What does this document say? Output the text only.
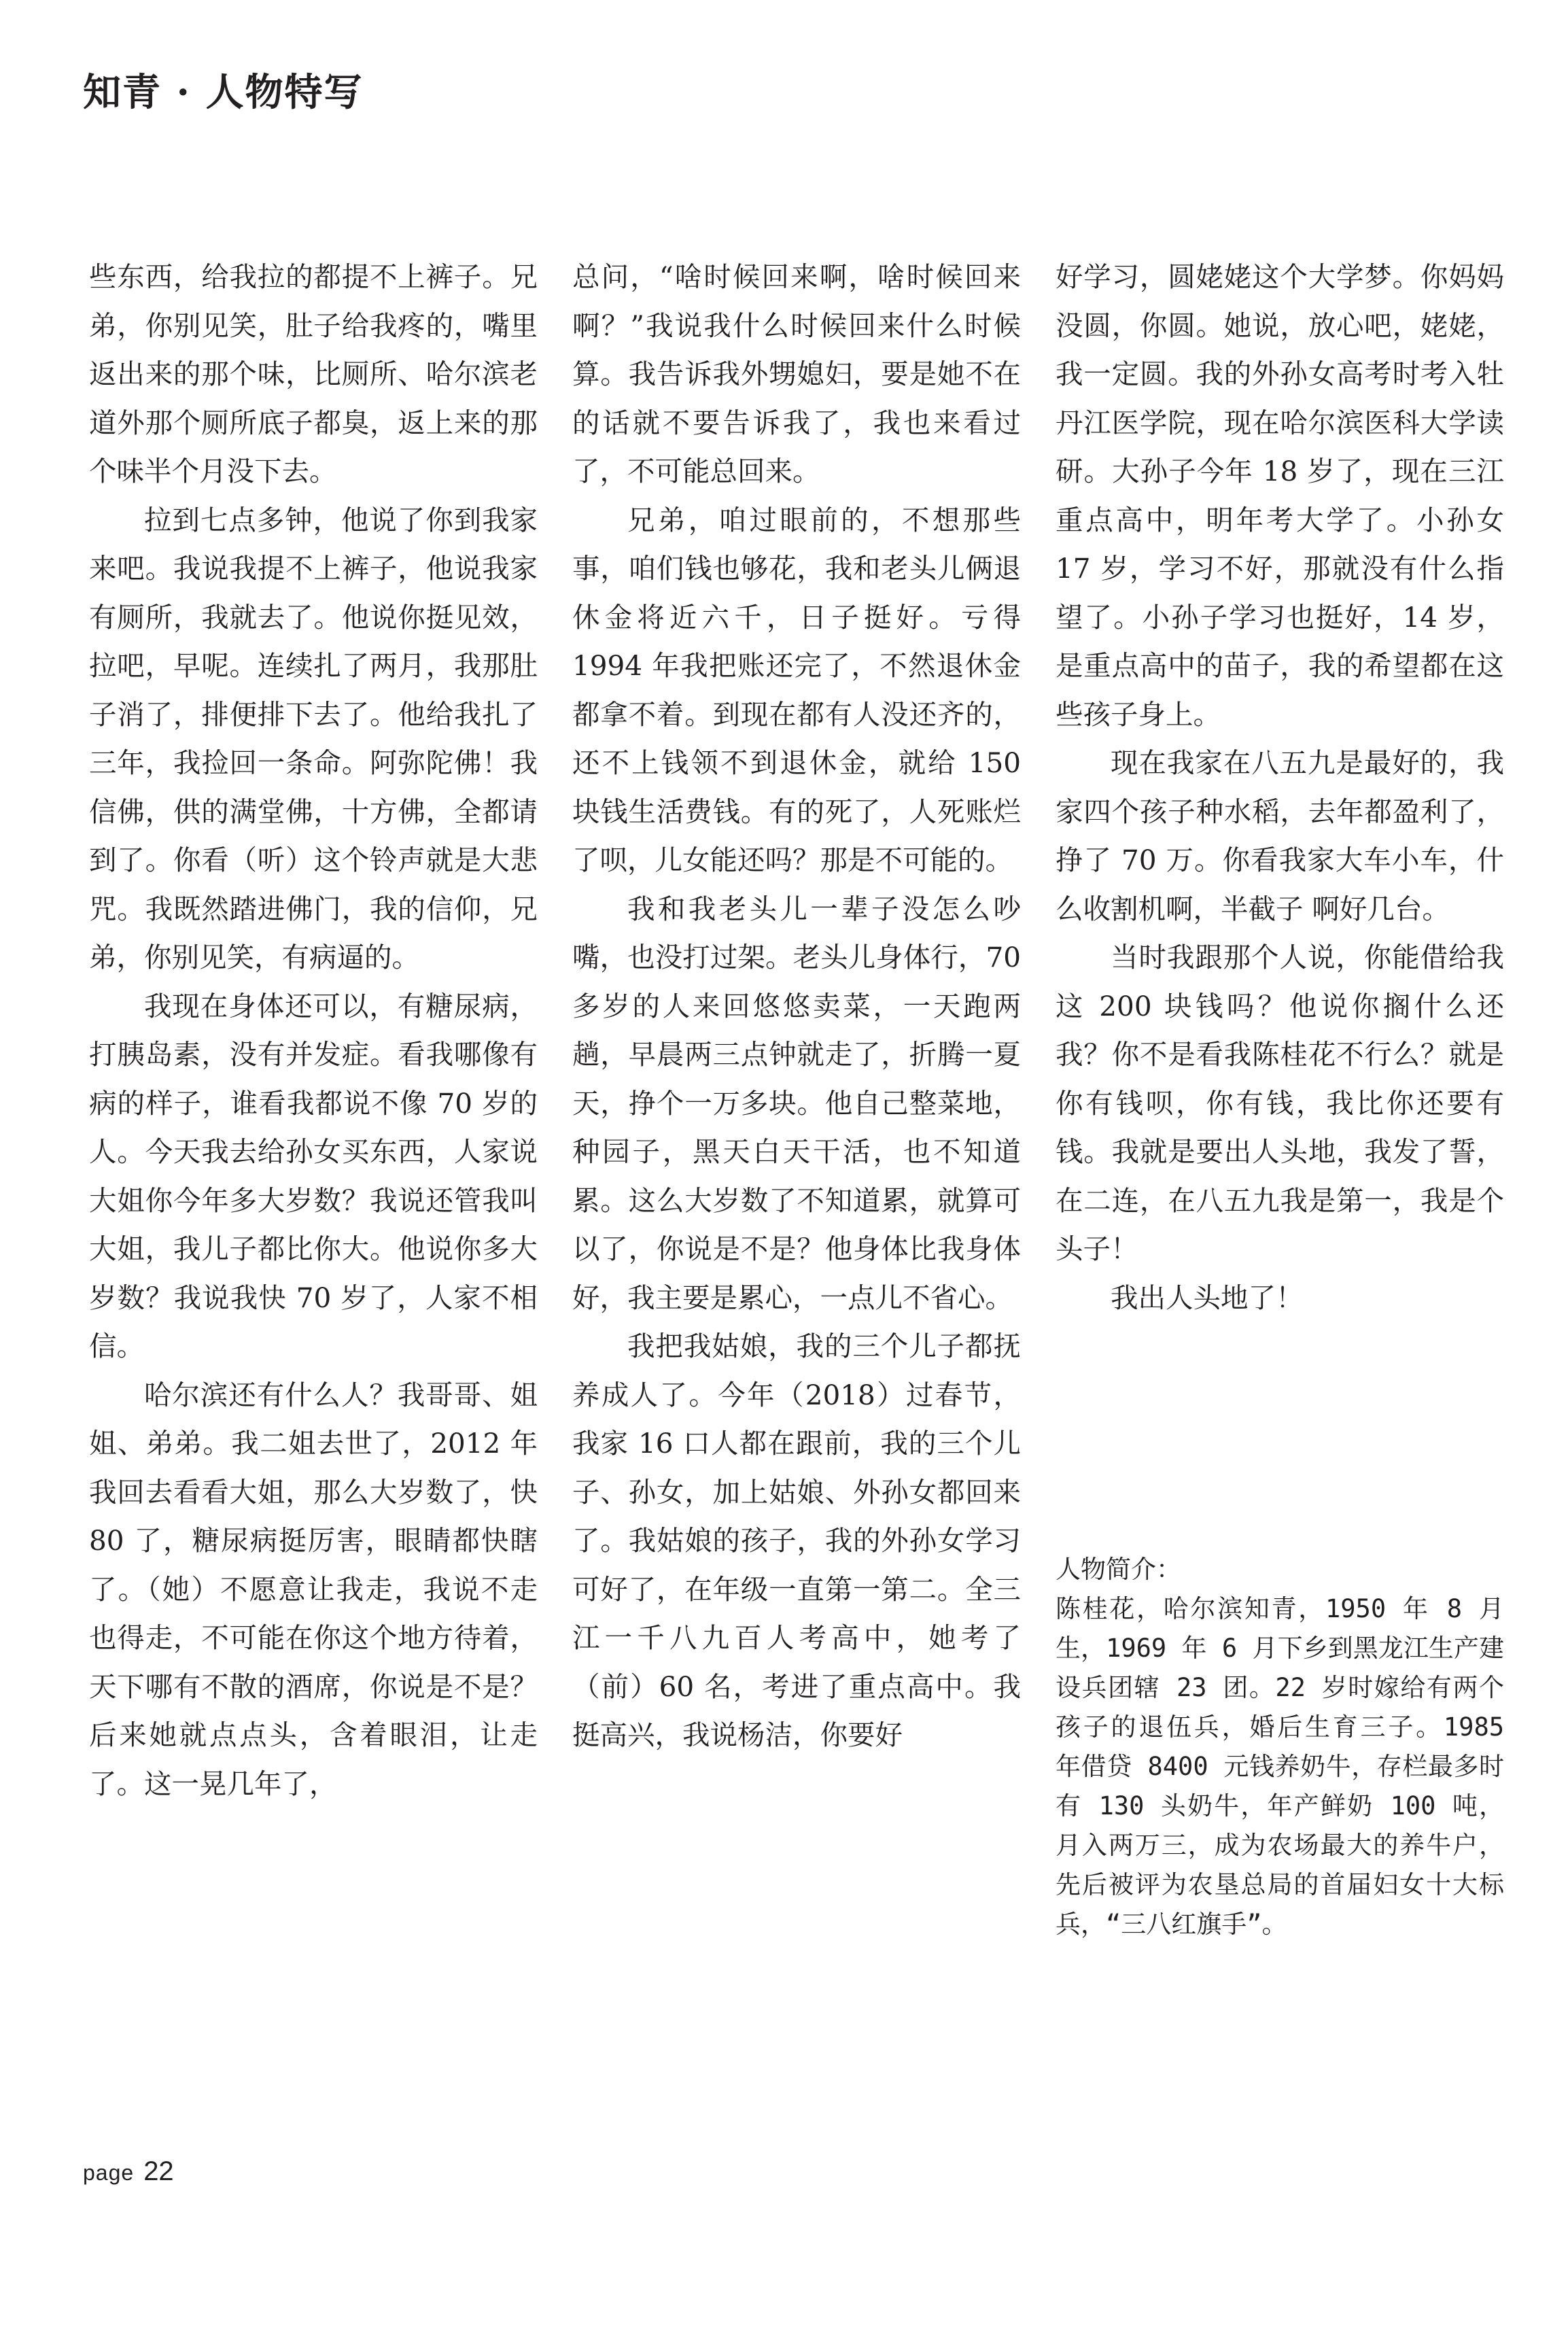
知青 · 人物特写

些东西，给我拉的都提不上裤子。兄弟，你别见笑，肚子给我疼的，嘴里返出来的那个味，比厕所、哈尔滨老道外那个厕所底子都臭，返上来的那个味半个月没下去。

拉到七点多钟，他说了你到我家来吧。我说我提不上裤子，他说我家有厕所，我就去了。他说你挺见效，拉吧，早呢。连续扎了两月，我那肚子消了，排便排下去了。他给我扎了三年，我捡回一条命。阿弥陀佛！我信佛，供的满堂佛，十方佛，全都请到了。你看（听）这个铃声就是大悲咒。我既然踏进佛门，我的信仰，兄弟，你别见笑，有病逼的。

我现在身体还可以，有糖尿病，打胰岛素，没有并发症。看我哪像有病的样子，谁看我都说不像 70 岁的人。今天我去给孙女买东西，人家说大姐你今年多大岁数？我说还管我叫大姐，我儿子都比你大。他说你多大岁数？我说我快 70 岁了，人家不相信。

哈尔滨还有什么人？我哥哥、姐姐、弟弟。我二姐去世了，2012 年我回去看看大姐，那么大岁数了，快 80 了，糖尿病挺厉害，眼睛都快瞎了。（她）不愿意让我走，我说不走也得走，不可能在你这个地方待着，天下哪有不散的酒席，你说是不是？后来她就点点头，含着眼泪，让走了。这一晃几年了，

总问，“啥时候回来啊，啥时候回来啊？”我说我什么时候回来什么时候算。我告诉我外甥媳妇，要是她不在的话就不要告诉我了，我也来看过了，不可能总回来。

兄弟，咱过眼前的，不想那些事，咱们钱也够花，我和老头儿俩退休金将近六千，日子挺好。亏得 1994 年我把账还完了，不然退休金都拿不着。到现在都有人没还齐的，还不上钱领不到退休金，就给 150 块钱生活费钱。有的死了，人死账烂了呗，儿女能还吗？那是不可能的。

我和我老头儿一辈子没怎么吵嘴，也没打过架。老头儿身体行，70 多岁的人来回悠悠卖菜，一天跑两趟，早晨两三点钟就走了，折腾一夏天，挣个一万多块。他自己整菜地，种园子，黑天白天干活，也不知道累。这么大岁数了不知道累，就算可以了，你说是不是？他身体比我身体好，我主要是累心，一点儿不省心。

我把我姑娘，我的三个儿子都抚养成人了。今年（2018）过春节，我家 16 口人都在跟前，我的三个儿子、孙女，加上姑娘、外孙女都回来了。我姑娘的孩子，我的外孙女学习可好了，在年级一直第一第二。全三江一千八九百人考高中，她考了（前）60 名，考进了重点高中。我挺高兴，我说杨洁，你要好

好学习，圆姥姥这个大学梦。你妈妈没圆，你圆。她说，放心吧，姥姥，我一定圆。我的外孙女高考时考入牡丹江医学院，现在哈尔滨医科大学读研。大孙子今年 18 岁了，现在三江重点高中，明年考大学了。小孙女 17 岁，学习不好，那就没有什么指望了。小孙子学习也挺好，14 岁，是重点高中的苗子，我的希望都在这些孩子身上。

现在我家在八五九是最好的，我家四个孩子种水稻，去年都盈利了，挣了 70 万。你看我家大车小车，什么收割机啊，半截子 啊好几台。

当时我跟那个人说，你能借给我这 200 块钱吗？他说你搁什么还我？你不是看我陈桂花不行么？就是你有钱呗，你有钱，我比你还要有钱。我就是要出人头地，我发了誓，在二连，在八五九我是第一，我是个头子！

我出人头地了！

人物简介：

陈桂花，哈尔滨知青，1950 年 8 月生，1969 年 6 月下乡到黑龙江生产建设兵团辖 23 团。22 岁时嫁给有两个孩子的退伍兵，婚后生育三子。1985 年借贷 8400 元钱养奶牛，存栏最多时有 130 头奶牛，年产鲜奶 100 吨，月入两万三，成为农场最大的养牛户，先后被评为农垦总局的首届妇女十大标兵，“三八红旗手”。

page 22
